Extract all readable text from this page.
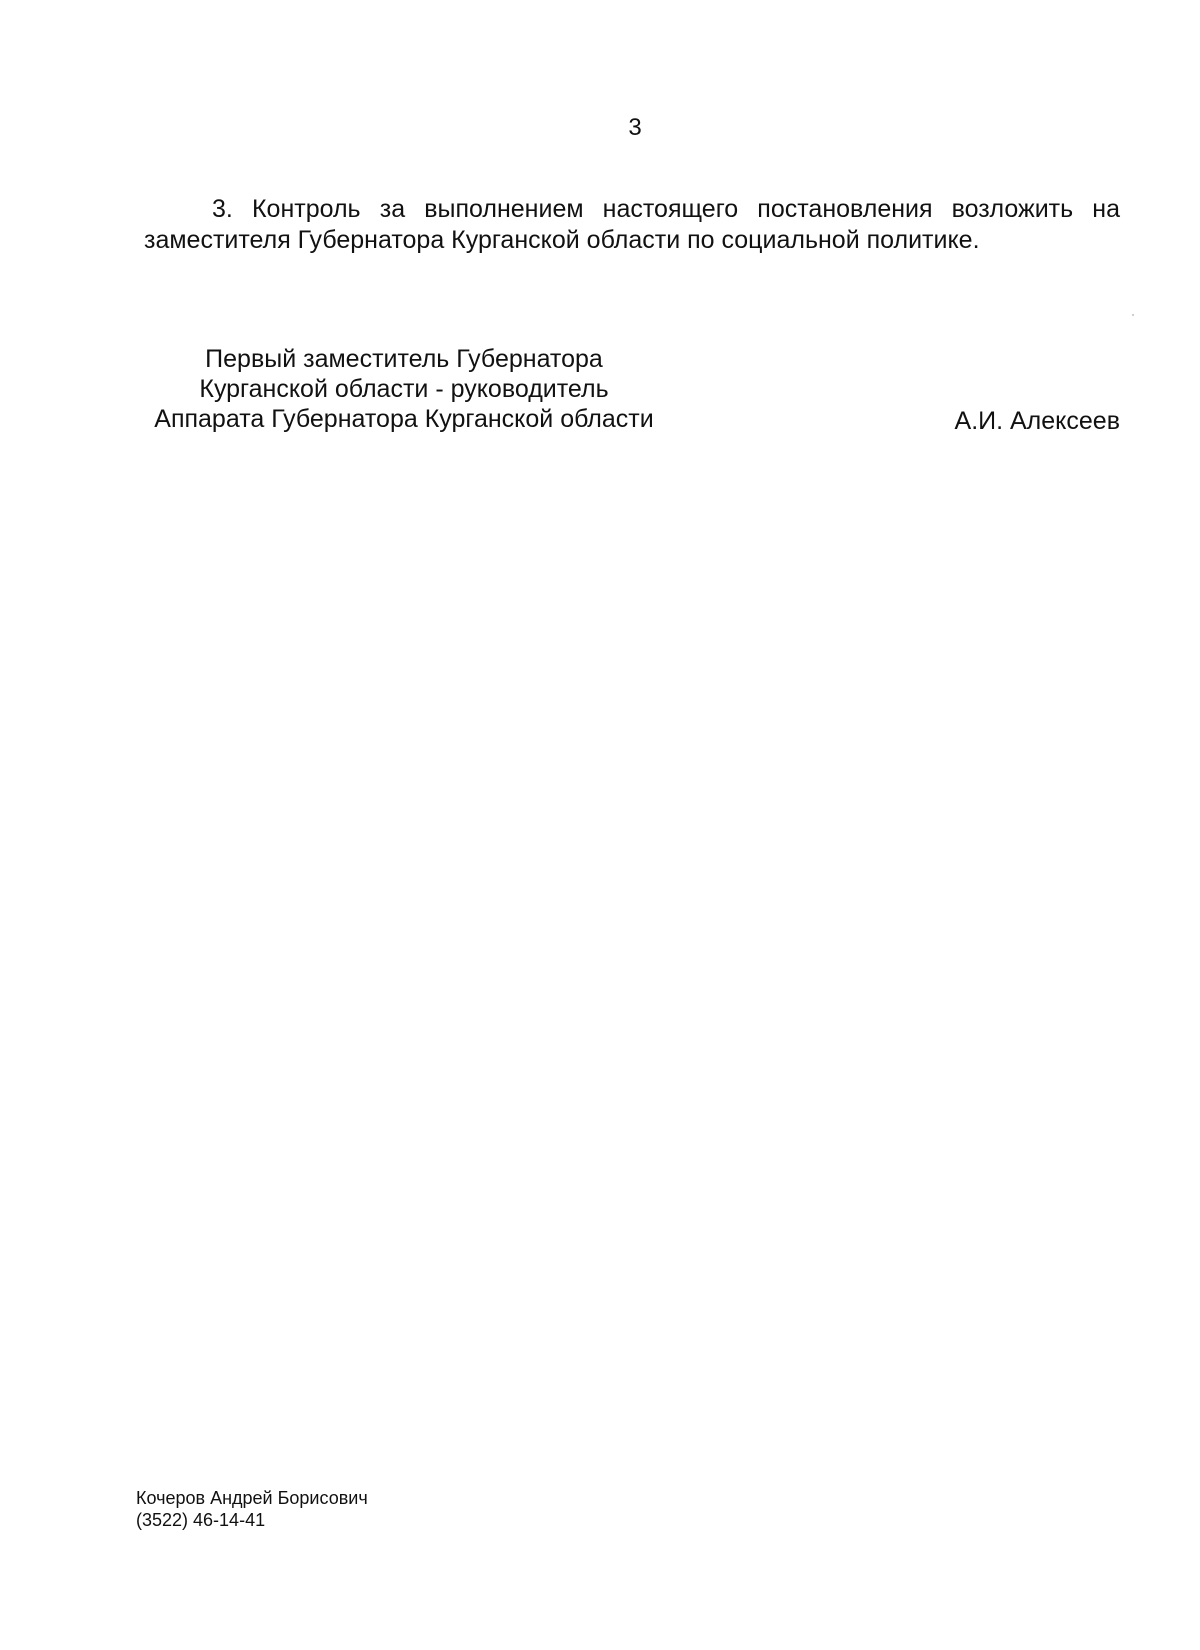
3
3. Контроль за выполнением настоящего постановления возложить на
заместителя Губернатора Курганской области по социальной политике.
Первый заместитель Губернатора
Курганской области - руководитель
Аппарата Губернатора Курганской области	А.И. Алексеев
Кочеров Андрей Борисович
(3522) 46-14-41
